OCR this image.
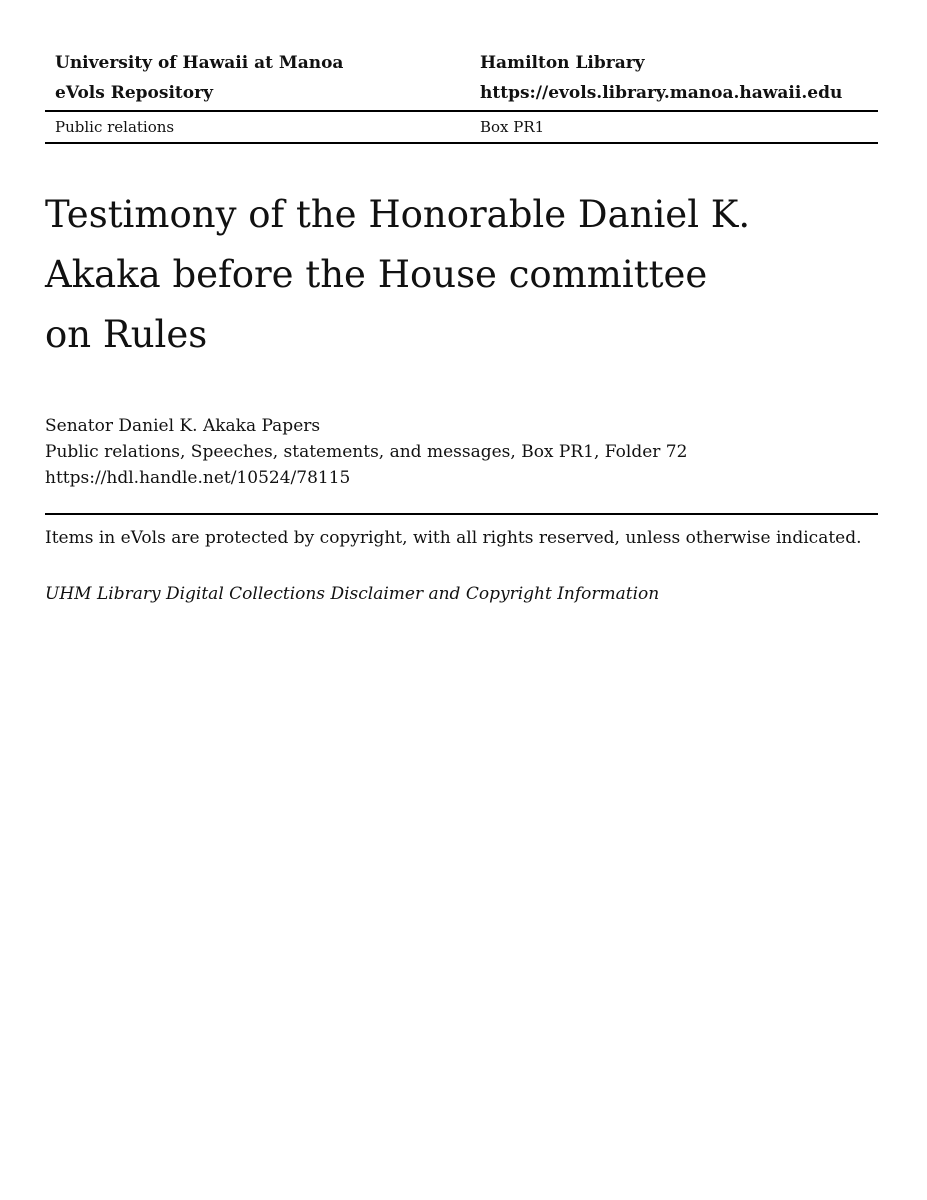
University of Hawaii at Manoa
eVols Repository
Hamilton Library
https://evols.library.manoa.hawaii.edu
Public relations	Box PR1
Testimony of the Honorable Daniel K.
Akaka before the House committee
on Rules
Senator Daniel K. Akaka Papers
Public relations, Speeches, statements, and messages, Box PR1, Folder 72
https://hdl.handle.net/10524/78115
Items in eVols are protected by copyright, with all rights reserved, unless otherwise indicated.
UHM Library Digital Collections Disclaimer and Copyright Information
